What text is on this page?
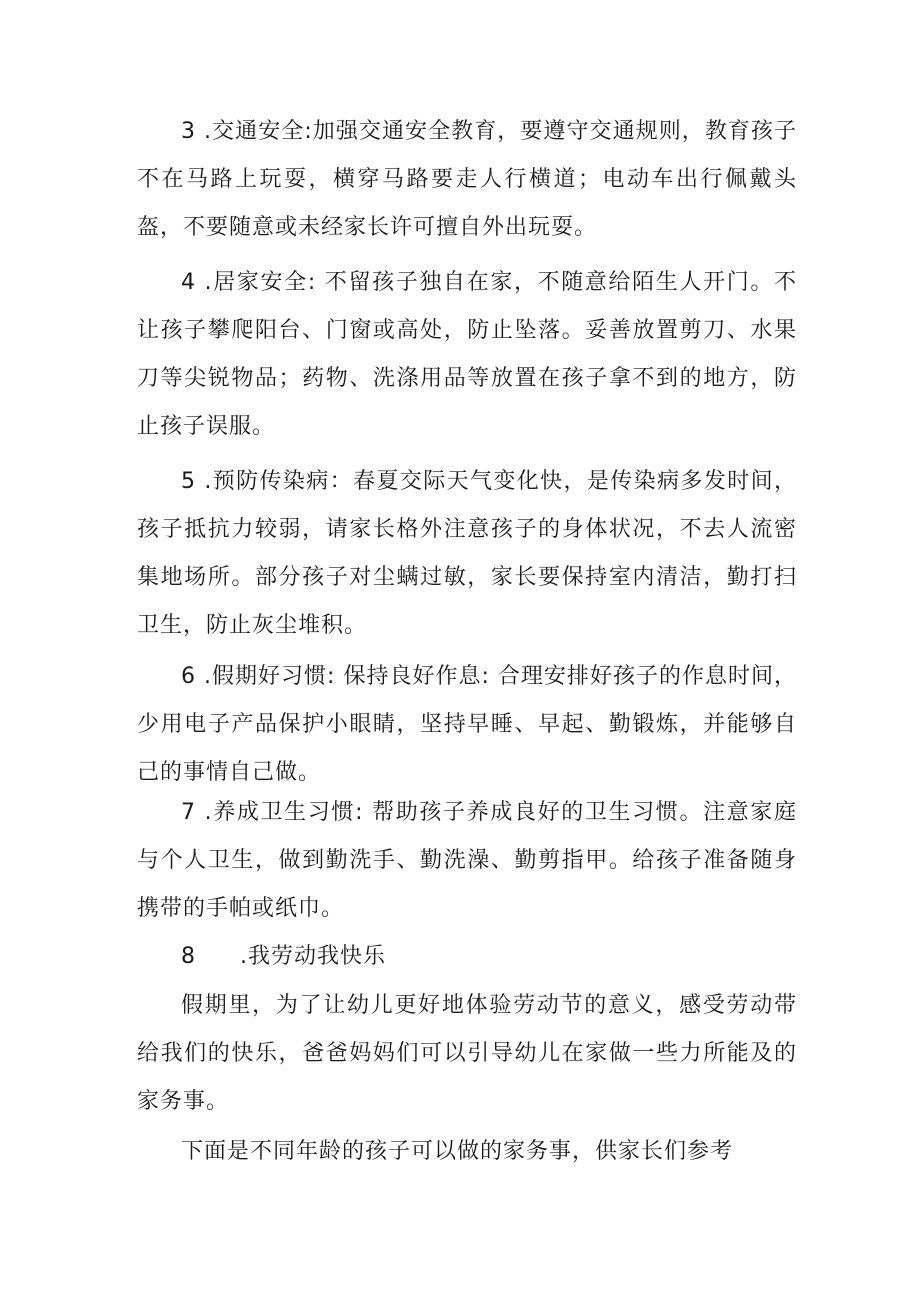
3 .交通安全:加强交通安全教育，要遵守交通规则，教育孩子不在马路上玩耍，横穿马路要走人行横道；电动车出行佩戴头盔，不要随意或未经家长许可擅自外出玩耍。

4 .居家安全: 不留孩子独自在家，不随意给陌生人开门。不让孩子攀爬阳台、门窗或高处，防止坠落。妥善放置剪刀、水果刀等尖锐物品；药物、洗涤用品等放置在孩子拿不到的地方，防止孩子误服。

5 .预防传染病：春夏交际天气变化快，是传染病多发时间，孩子抵抗力较弱，请家长格外注意孩子的身体状况，不去人流密集地场所。部分孩子对尘螨过敏，家长要保持室内清洁，勤打扫卫生，防止灰尘堆积。

6 .假期好习惯: 保持良好作息: 合理安排好孩子的作息时间，少用电子产品保护小眼睛，坚持早睡、早起、勤锻炼，并能够自己的事情自己做。

7 .养成卫生习惯: 帮助孩子养成良好的卫生习惯。注意家庭与个人卫生，做到勤洗手、勤洗澡、勤剪指甲。给孩子准备随身携带的手帕或纸巾。

8 .我劳动我快乐

假期里，为了让幼儿更好地体验劳动节的意义，感受劳动带给我们的快乐，爸爸妈妈们可以引导幼儿在家做一些力所能及的家务事。

下面是不同年龄的孩子可以做的家务事，供家长们参考
